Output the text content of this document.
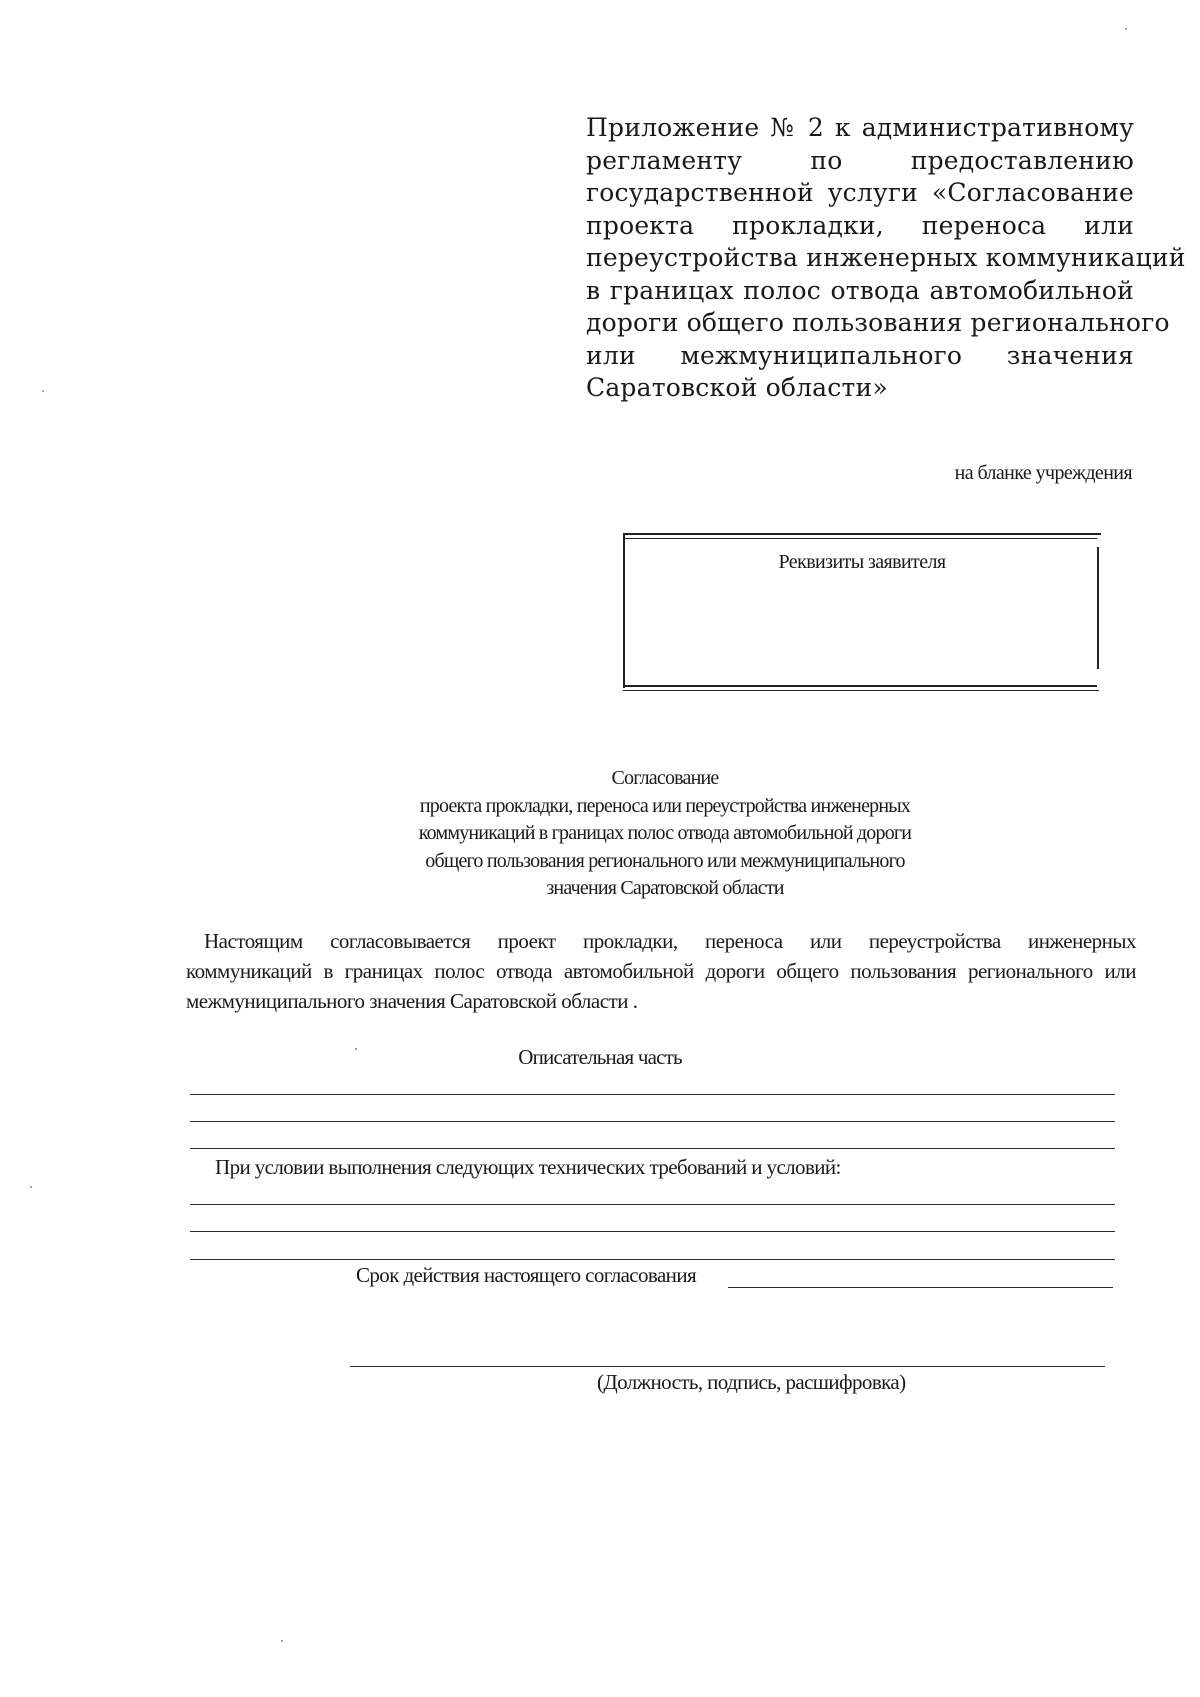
Приложение № 2 к административному
регламенту по предоставлению
государственной услуги «Согласование
проекта прокладки, переноса или
переустройства инженерных коммуникаций
в границах полос отвода автомобильной
дороги общего пользования регионального
или межмуниципального значения
Саратовской области»
на бланке учреждения
Реквизиты заявителя
Согласование
проекта прокладки, переноса или переустройства инженерных
коммуникаций в границах полос отвода автомобильной дороги
общего пользования регионального или межмуниципального
значения Саратовской области
Настоящим согласовывается проект прокладки, переноса или переустройства инженерных
коммуникаций в границах полос отвода автомобильной дороги общего пользования регионального или
межмуниципального значения Саратовской области .
Описательная часть
При условии выполнения следующих технических требований и условий:
Срок действия настоящего согласования
(Должность, подпись, расшифровка)
